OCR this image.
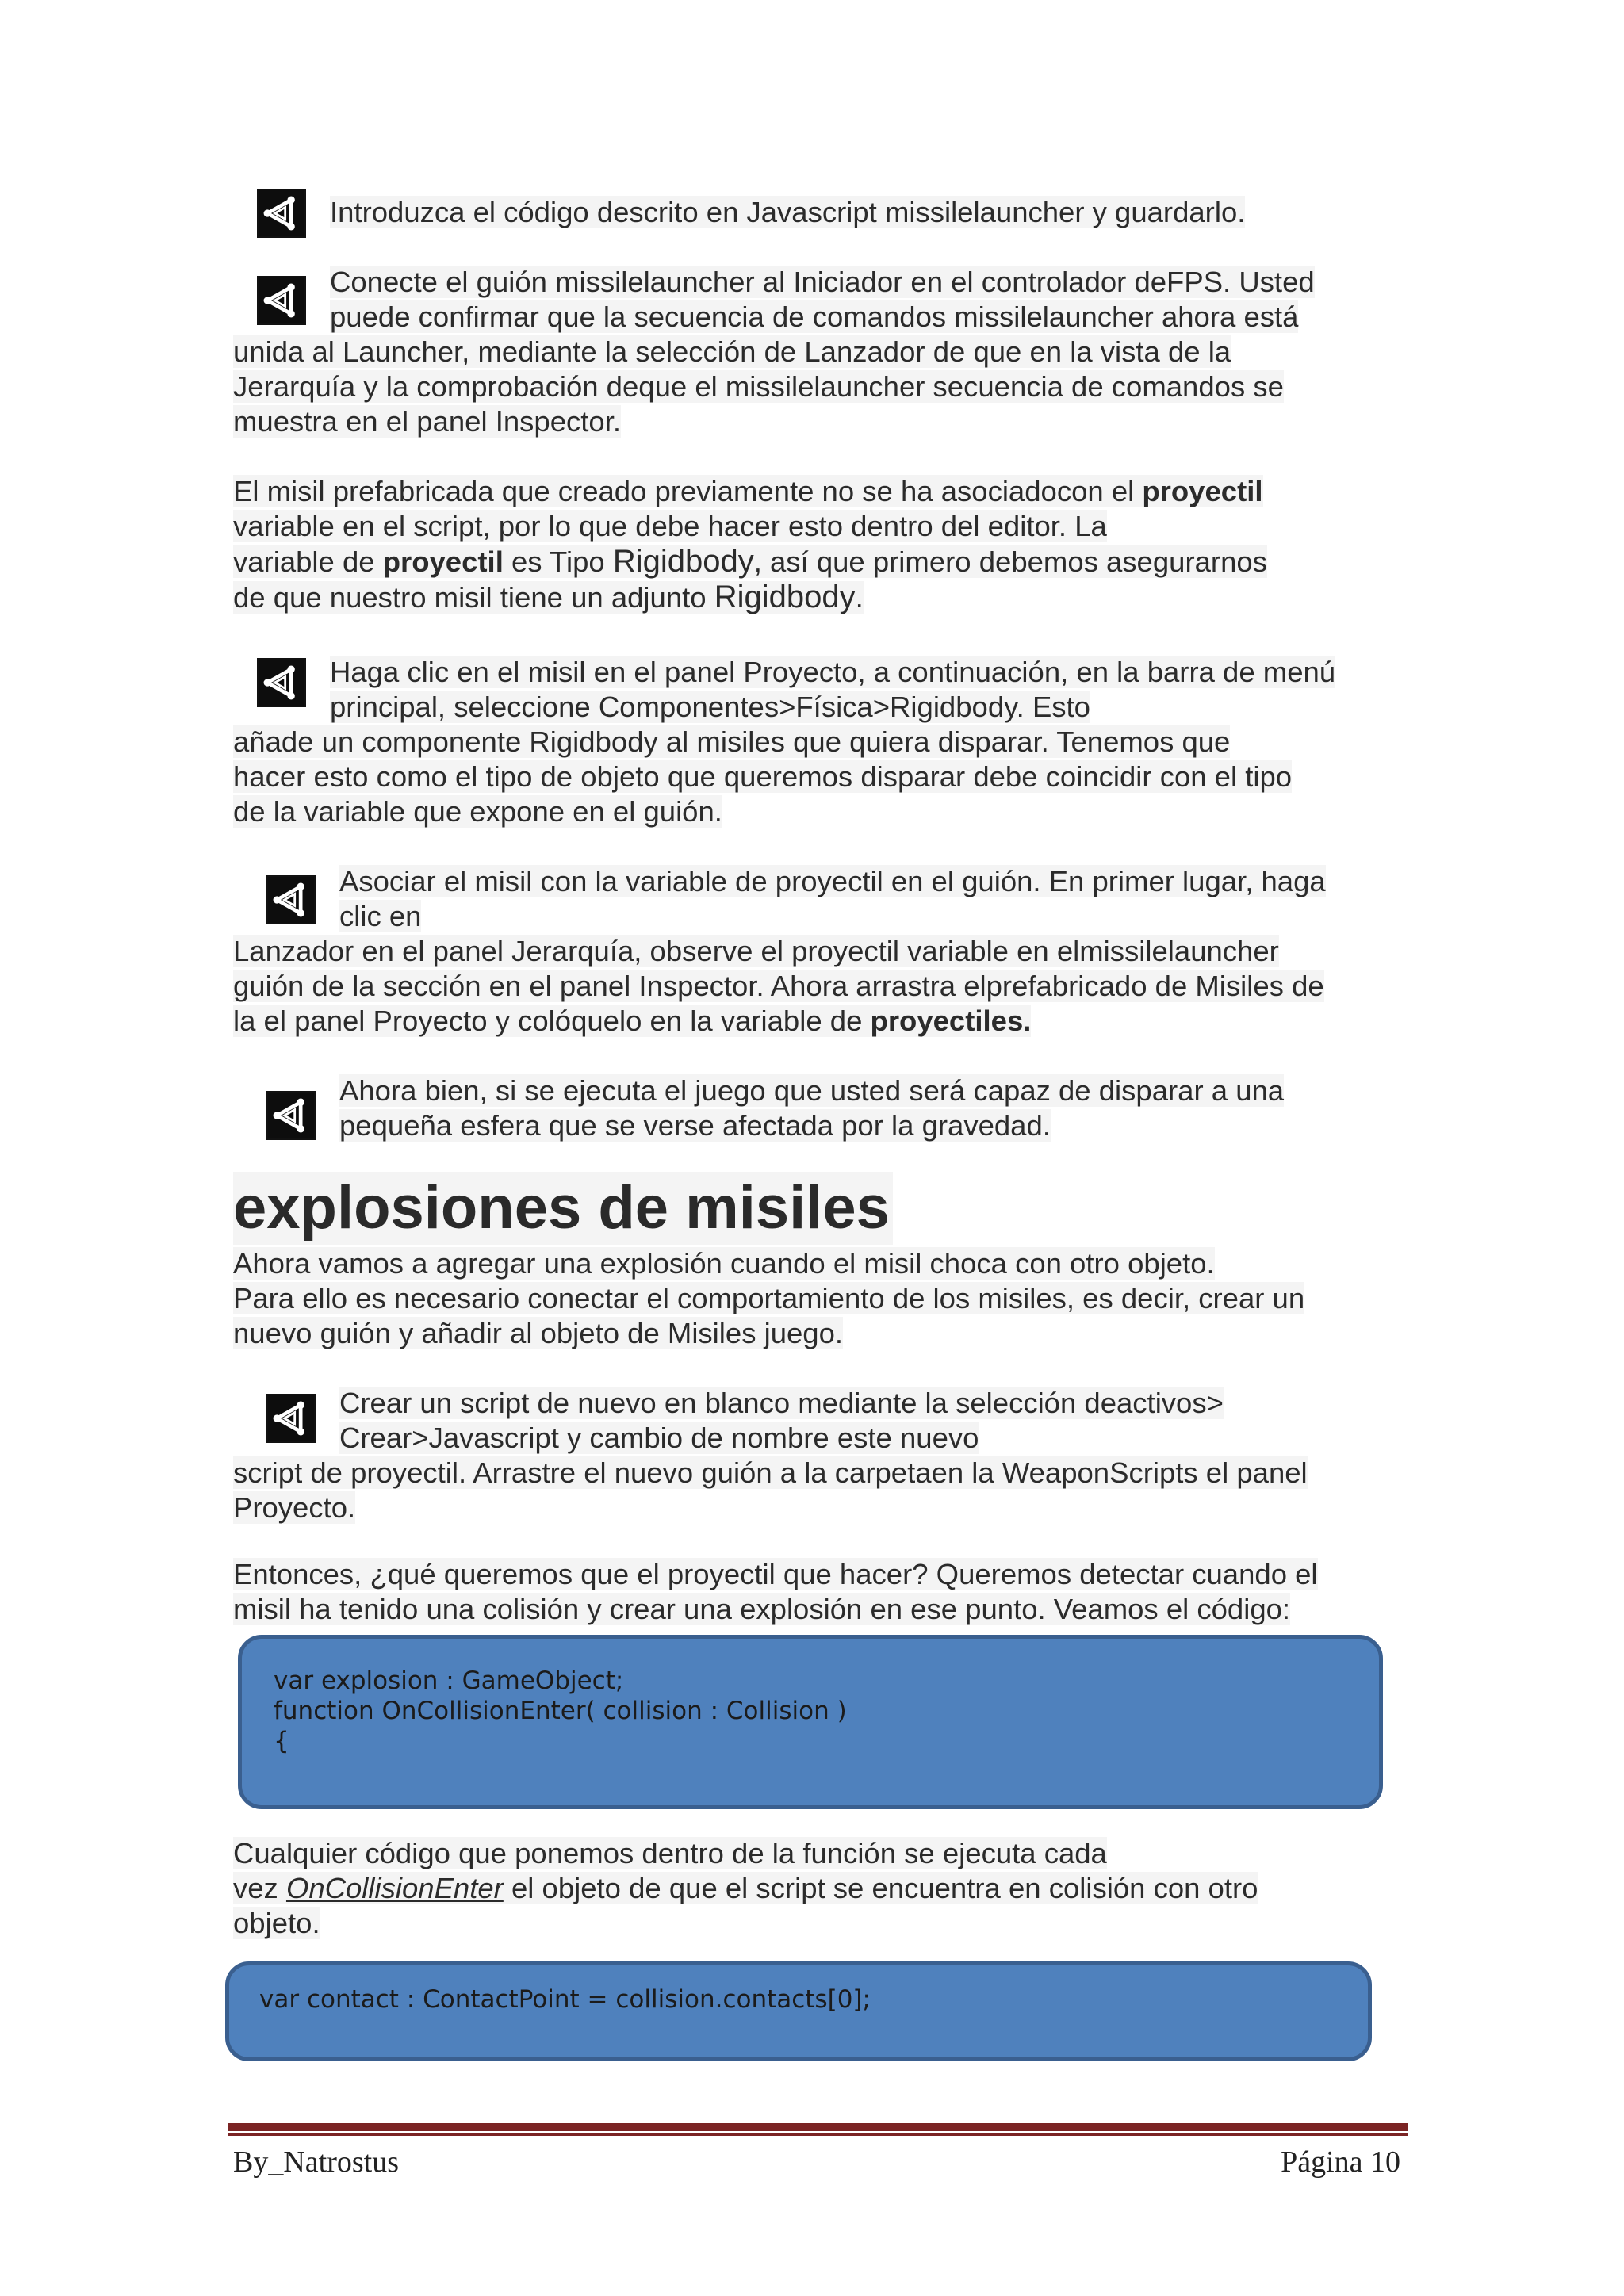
Introduzca el código descrito en Javascript missilelauncher y guardarlo.
Conecte el guión missilelauncher al Iniciador en el controlador deFPS. Usted
puede confirmar que la secuencia de comandos missilelauncher ahora está
unida al Launcher, mediante la selección de Lanzador de que en la vista de la
Jerarquía y la comprobación deque el missilelauncher secuencia de comandos se
muestra en el panel Inspector.
El misil prefabricada que creado previamente no se ha asociadocon el proyectil
variable en el script, por lo que debe hacer esto dentro del editor. La
variable de proyectil es Tipo Rigidbody, así que primero debemos asegurarnos
de que nuestro misil tiene un adjunto Rigidbody.
Haga clic en el misil en el panel Proyecto, a continuación, en la barra de menú
principal, seleccione Componentes>Física>Rigidbody. Esto
añade un componente Rigidbody al misiles que quiera disparar. Tenemos que
hacer esto como el tipo de objeto que queremos disparar debe coincidir con el tipo
de la variable que expone en el guión.
Asociar el misil con la variable de proyectil en el guión. En primer lugar, haga
clic en
Lanzador en el panel Jerarquía, observe el proyectil variable en elmissilelauncher
guión de la sección en el panel Inspector. Ahora arrastra elprefabricado de Misiles de
la el panel Proyecto y colóquelo en la variable de proyectiles.
Ahora bien, si se ejecuta el juego que usted será capaz de disparar a una
pequeña esfera que se verse afectada por la gravedad.
explosiones de misiles
Ahora vamos a agregar una explosión cuando el misil choca con otro objeto.
Para ello es necesario conectar el comportamiento de los misiles, es decir, crear un
nuevo guión y añadir al objeto de Misiles juego.
Crear un script de nuevo en blanco mediante la selección deactivos>
Crear>Javascript y cambio de nombre este nuevo
script de proyectil. Arrastre el nuevo guión a la carpetaen la WeaponScripts el panel
Proyecto.
Entonces, ¿qué queremos que el proyectil que hacer? Queremos detectar cuando el
misil ha tenido una colisión y crear una explosión en ese punto. Veamos el código:
var explosion : GameObject;
function OnCollisionEnter( collision : Collision )
{
Cualquier código que ponemos dentro de la función se ejecuta cada
vez OnCollisionEnter el objeto de que el script se encuentra en colisión con otro
objeto.
var contact : ContactPoint = collision.contacts[0];
By_Natrostus	Página 10
